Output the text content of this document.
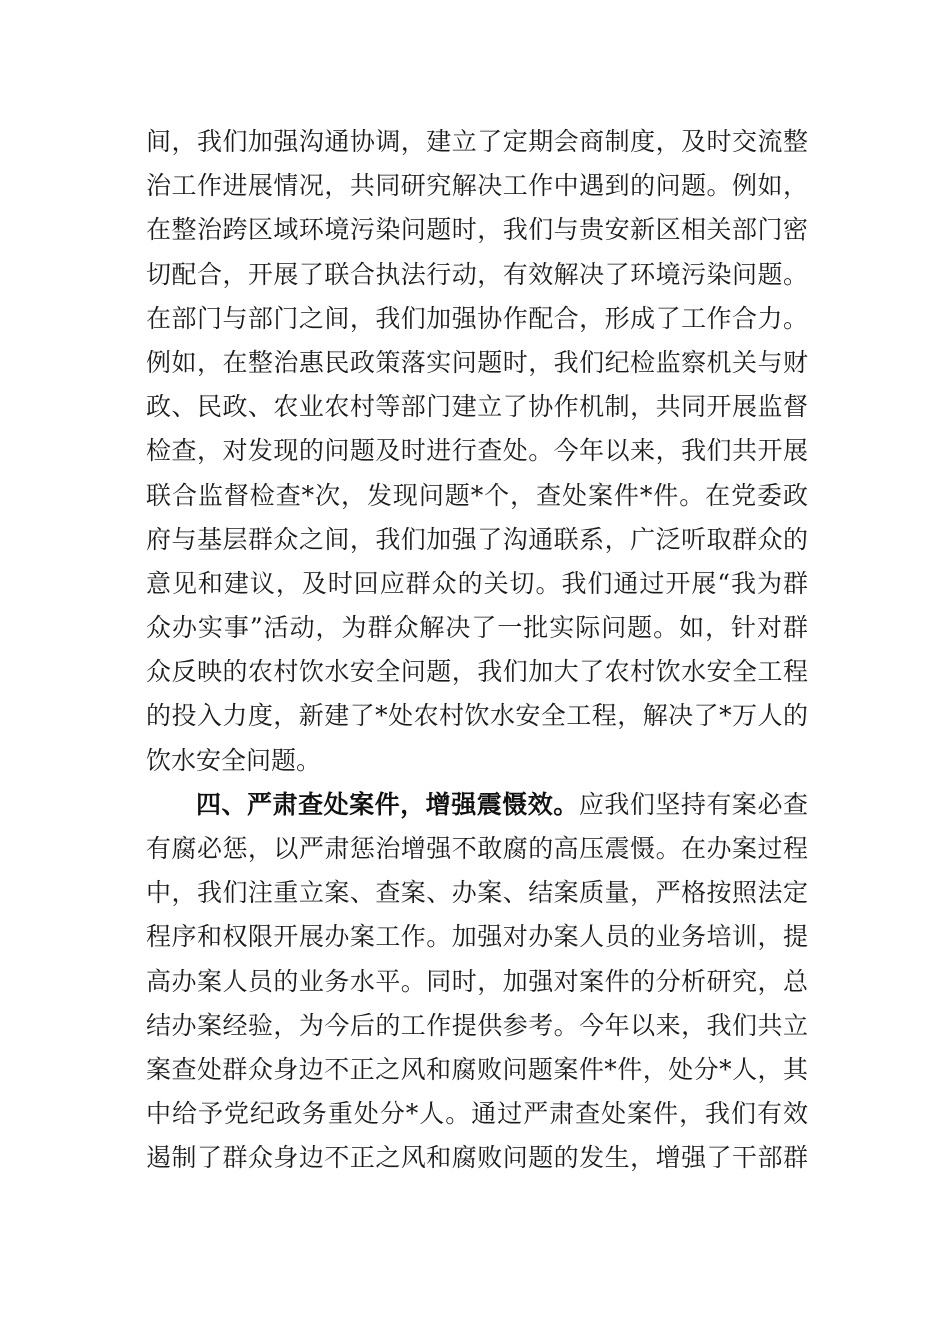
间，我们加强沟通协调，建立了定期会商制度，及时交流整
治工作进展情况，共同研究解决工作中遇到的问题。例如，
在整治跨区域环境污染问题时，我们与贵安新区相关部门密
切配合，开展了联合执法行动，有效解决了环境污染问题。
在部门与部门之间，我们加强协作配合，形成了工作合力。
例如，在整治惠民政策落实问题时，我们纪检监察机关与财
政、民政、农业农村等部门建立了协作机制，共同开展监督
检查，对发现的问题及时进行查处。今年以来，我们共开展
联合监督检查*次，发现问题*个，查处案件*件。在党委政
府与基层群众之间，我们加强了沟通联系，广泛听取群众的
意见和建议，及时回应群众的关切。我们通过开展“我为群
众办实事”活动，为群众解决了一批实际问题。如，针对群
众反映的农村饮水安全问题，我们加大了农村饮水安全工程
的投入力度，新建了*处农村饮水安全工程，解决了*万人的
饮水安全问题。
四、严肃查处案件，增强震慑效。应我们坚持有案必查
有腐必惩，以严肃惩治增强不敢腐的高压震慑。在办案过程
中，我们注重立案、查案、办案、结案质量，严格按照法定
程序和权限开展办案工作。加强对办案人员的业务培训，提
高办案人员的业务水平。同时，加强对案件的分析研究，总
结办案经验，为今后的工作提供参考。今年以来，我们共立
案查处群众身边不正之风和腐败问题案件*件，处分*人，其
中给予党纪政务重处分*人。通过严肃查处案件，我们有效
遏制了群众身边不正之风和腐败问题的发生，增强了干部群
